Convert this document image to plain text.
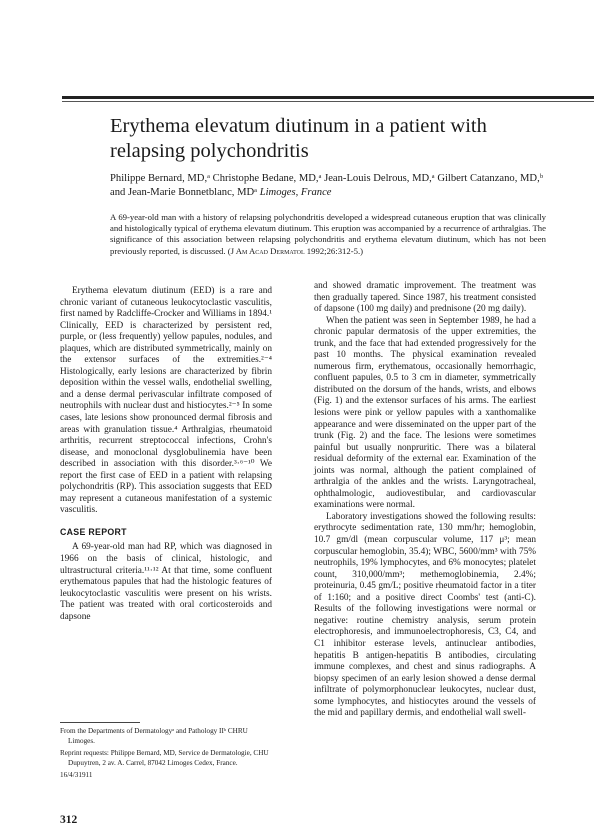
Erythema elevatum diutinum in a patient with relapsing polychondritis
Philippe Bernard, MD,ᵃ Christophe Bedane, MD,ᵃ Jean-Louis Delrous, MD,ᵃ Gilbert Catanzano, MD,ᵇ and Jean-Marie Bonnetblanc, MDᵃ Limoges, France
A 69-year-old man with a history of relapsing polychondritis developed a widespread cutaneous eruption that was clinically and histologically typical of erythema elevatum diutinum. This eruption was accompanied by a recurrence of arthralgias. The significance of this association between relapsing polychondritis and erythema elevatum diutinum, which has not been previously reported, is discussed. (J Am Acad Dermatol 1992;26:312-5.)

Erythema elevatum diutinum (EED) is a rare and chronic variant of cutaneous leukocytoclastic vasculitis, first named by Radcliffe-Crocker and Williams in 1894.¹ Clinically, EED is characterized by persistent red, purple, or (less frequently) yellow papules, nodules, and plaques, which are distributed symmetrically, mainly on the extensor surfaces of the extremities.²⁻⁴ Histologically, early lesions are characterized by fibrin deposition within the vessel walls, endothelial swelling, and a dense dermal perivascular infiltrate composed of neutrophils with nuclear dust and histiocytes.²⁻⁵ In some cases, late lesions show pronounced dermal fibrosis and areas with granulation tissue.⁴ Arthralgias, rheumatoid arthritis, recurrent streptococcal infections, Crohn's disease, and monoclonal dysglobulinemia have been described in association with this disorder.³·⁶⁻¹⁰ We report the first case of EED in a patient with relapsing polychondritis (RP). This association suggests that EED may represent a cutaneous manifestation of a systemic vasculitis.

CASE REPORT

A 69-year-old man had RP, which was diagnosed in 1966 on the basis of clinical, histologic, and ultrastructural criteria.¹¹·¹² At that time, some confluent erythematous papules that had the histologic features of leukocytoclastic vasculitis were present on his wrists. The patient was treated with oral corticosteroids and dapsone

and showed dramatic improvement. The treatment was then gradually tapered. Since 1987, his treatment consisted of dapsone (100 mg daily) and prednisone (20 mg daily).

When the patient was seen in September 1989, he had a chronic papular dermatosis of the upper extremities, the trunk, and the face that had extended progressively for the past 10 months. The physical examination revealed numerous firm, erythematous, occasionally hemorrhagic, confluent papules, 0.5 to 3 cm in diameter, symmetrically distributed on the dorsum of the hands, wrists, and elbows (Fig. 1) and the extensor surfaces of his arms. The earliest lesions were pink or yellow papules with a xanthomalike appearance and were disseminated on the upper part of the trunk (Fig. 2) and the face. The lesions were sometimes painful but usually nonpruritic. There was a bilateral residual deformity of the external ear. Examination of the joints was normal, although the patient complained of arthralgia of the ankles and the wrists. Laryngotracheal, ophthalmologic, audiovestibular, and cardiovascular examinations were normal.

Laboratory investigations showed the following results: erythrocyte sedimentation rate, 130 mm/hr; hemoglobin, 10.7 gm/dl (mean corpuscular volume, 117 μ³; mean corpuscular hemoglobin, 35.4); WBC, 5600/mm³ with 75% neutrophils, 19% lymphocytes, and 6% monocytes; platelet count, 310,000/mm³; methemoglobinemia, 2.4%; proteinuria, 0.45 gm/L; positive rheumatoid factor in a titer of 1:160; and a positive direct Coombs' test (anti-C). Results of the following investigations were normal or negative: routine chemistry analysis, serum protein electrophoresis, and immunoelectrophoresis, C3, C4, and C1 inhibitor esterase levels, antinuclear antibodies, hepatitis B antigen-hepatitis B antibodies, circulating immune complexes, and chest and sinus radiographs. A biopsy specimen of an early lesion showed a dense dermal infiltrate of polymorphonuclear leukocytes, nuclear dust, some lymphocytes, and histiocytes around the vessels of the mid and papillary dermis, and endothelial wall swell-

From the Departments of Dermatologyᵃ and Pathology IIᵇ CHRU Limoges.

Reprint requests: Philippe Bernard, MD, Service de Dermatologie, CHU Dupuytren, 2 av. A. Carrel, 87042 Limoges Cedex, France.

16/4/31911

312
